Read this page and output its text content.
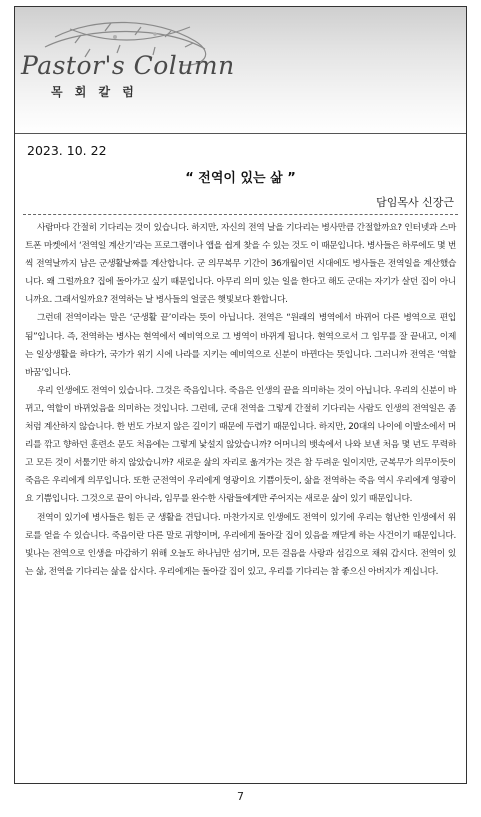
Pastor's Column
목 회 칼 럼
2023. 10. 22
“ 전역이 있는 삶 ”
담임목사 신장근

사람마다 간절히 기다리는 것이 있습니다. 하지만, 자신의 전역 날을 기다리는 병사만큼 간절할까요? 인터넷과 스마트폰 마켓에서 ‘전역일 계산기’라는 프로그램이나 앱을 쉽게 찾을 수 있는 것도 이 때문입니다. 병사들은 하루에도 몇 번씩 전역날까지 남은 군생활날짜를 계산합니다. 군 의무복무 기간이 36개월이던 시대에도 병사들은 전역일을 계산했습니다. 왜 그럴까요? 집에 돌아가고 싶기 때문입니다. 아무리 의미 있는 일을 한다고 해도 군대는 자기가 살던 집이 아니니까요. 그래서일까요? 전역하는 날 병사들의 얼굴은 햇빛보다 환합니다.

그런데 전역이라는 말은 ‘군생활 끝’이라는 뜻이 아닙니다. 전역은 “원래의 병역에서 바뀌어 다른 병역으로 편입됨”입니다. 즉, 전역하는 병사는 현역에서 예비역으로 그 병역이 바뀌게 됩니다. 현역으로서 그 임무를 잘 끝내고, 이제는 일상생활을 하다가, 국가가 위기 시에 나라를 지키는 예비역으로 신분이 바뀐다는 뜻입니다. 그러니까 전역은 ‘역할 바꿈’입니다.

우리 인생에도 전역이 있습니다. 그것은 죽음입니다. 죽음은 인생의 끝을 의미하는 것이 아닙니다. 우리의 신분이 바뀌고, 역할이 바뀌었음을 의미하는 것입니다. 그런데, 군대 전역을 그렇게 간절히 기다리는 사람도 인생의 전역일은 좀처럼 계산하지 않습니다. 한 번도 가보지 않은 길이기 때문에 두렵기 때문입니다. 하지만, 20대의 나이에 이발소에서 머리를 깎고 향하던 훈련소 문도 처음에는 그렇게 낯설지 않았습니까? 어머니의 뱃속에서 나와 보낸 처음 몇 년도 무력하고 모든 것이 서툴기만 하지 않았습니까? 새로운 삶의 자리로 옮겨가는 것은 참 두려운 일이지만, 군복무가 의무이듯이 죽음은 우리에게 의무입니다. 또한 군전역이 우리에게 영광이요 기쁨이듯이, 삶을 전역하는 죽음 역시 우리에게 영광이요 기쁨입니다. 그것으로 끝이 아니라, 임무를 완수한 사람들에게만 주어지는 새로운 삶이 있기 때문입니다.

전역이 있기에 병사들은 힘든 군 생활을 견딥니다. 마찬가지로 인생에도 전역이 있기에 우리는 험난한 인생에서 위로를 얻을 수 있습니다. 죽음이란 다른 말로 귀향이며, 우리에게 돌아갈 집이 있음을 깨닫게 하는 사건이기 때문입니다. 빛나는 전역으로 인생을 마감하기 위해 오늘도 하나님만 섬기며, 모든 걸음을 사랑과 섬김으로 채워 갑시다. 전역이 있는 삶, 전역을 기다리는 삶을 삽시다. 우리에게는 돌아갈 집이 있고, 우리를 기다리는 참 좋으신 아버지가 계십니다.

7
